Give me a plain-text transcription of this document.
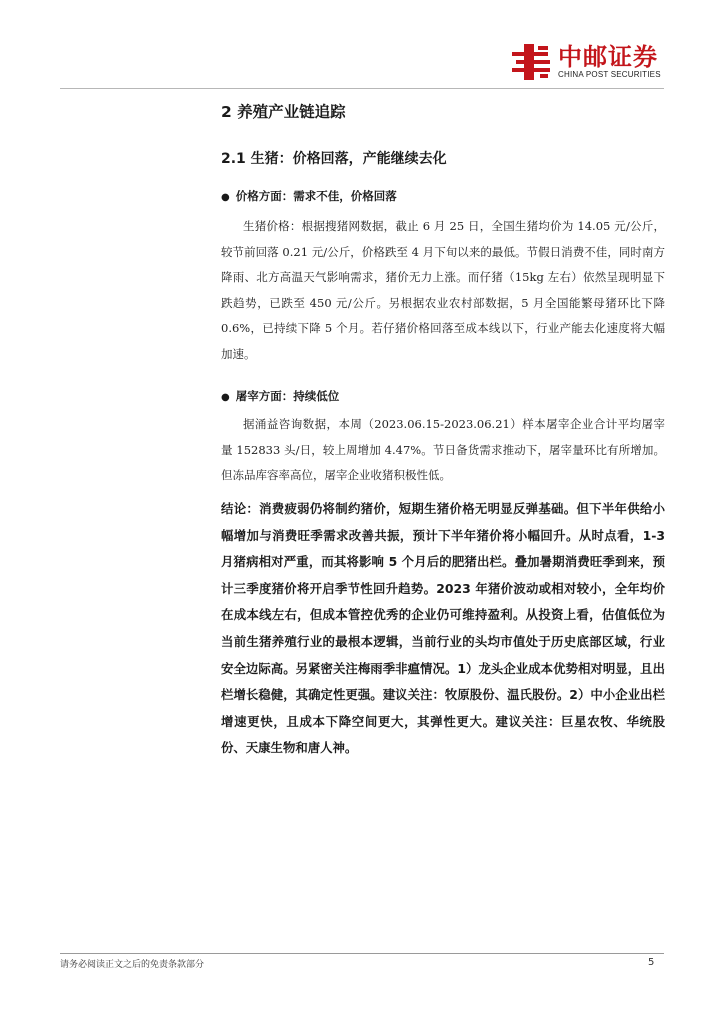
中邮证券
CHINA POST SECURITIES
2 养殖产业链追踪
2.1 生猪：价格回落，产能继续去化
● 价格方面：需求不佳，价格回落
生猪价格：根据搜猪网数据，截止 6 月 25 日，全国生猪均价为 14.05 元/公斤，较节前回落 0.21 元/公斤，价格跌至 4 月下旬以来的最低。节假日消费不佳，同时南方降雨、北方高温天气影响需求，猪价无力上涨。而仔猪（15kg 左右）依然呈现明显下跌趋势，已跌至 450 元/公斤。另根据农业农村部数据，5 月全国能繁母猪环比下降 0.6%，已持续下降 5 个月。若仔猪价格回落至成本线以下，行业产能去化速度将大幅加速。
● 屠宰方面：持续低位
据涌益咨询数据，本周（2023.06.15-2023.06.21）样本屠宰企业合计平均屠宰量 152833 头/日，较上周增加 4.47%。节日备货需求推动下，屠宰量环比有所增加。但冻品库容率高位，屠宰企业收猪积极性低。
结论：消费疲弱仍将制约猪价，短期生猪价格无明显反弹基础。但下半年供给小幅增加与消费旺季需求改善共振，预计下半年猪价将小幅回升。从时点看，1-3 月猪病相对严重，而其将影响 5 个月后的肥猪出栏。叠加暑期消费旺季到来，预计三季度猪价将开启季节性回升趋势。2023 年猪价波动或相对较小，全年均价在成本线左右，但成本管控优秀的企业仍可维持盈利。从投资上看，估值低位为当前生猪养殖行业的最根本逻辑，当前行业的头均市值处于历史底部区域，行业安全边际高。另紧密关注梅雨季非瘟情况。1）龙头企业成本优势相对明显，且出栏增长稳健，其确定性更强。建议关注：牧原股份、温氏股份。2）中小企业出栏增速更快，且成本下降空间更大，其弹性更大。建议关注：巨星农牧、华统股份、天康生物和唐人神。
请务必阅读正文之后的免责条款部分	5
